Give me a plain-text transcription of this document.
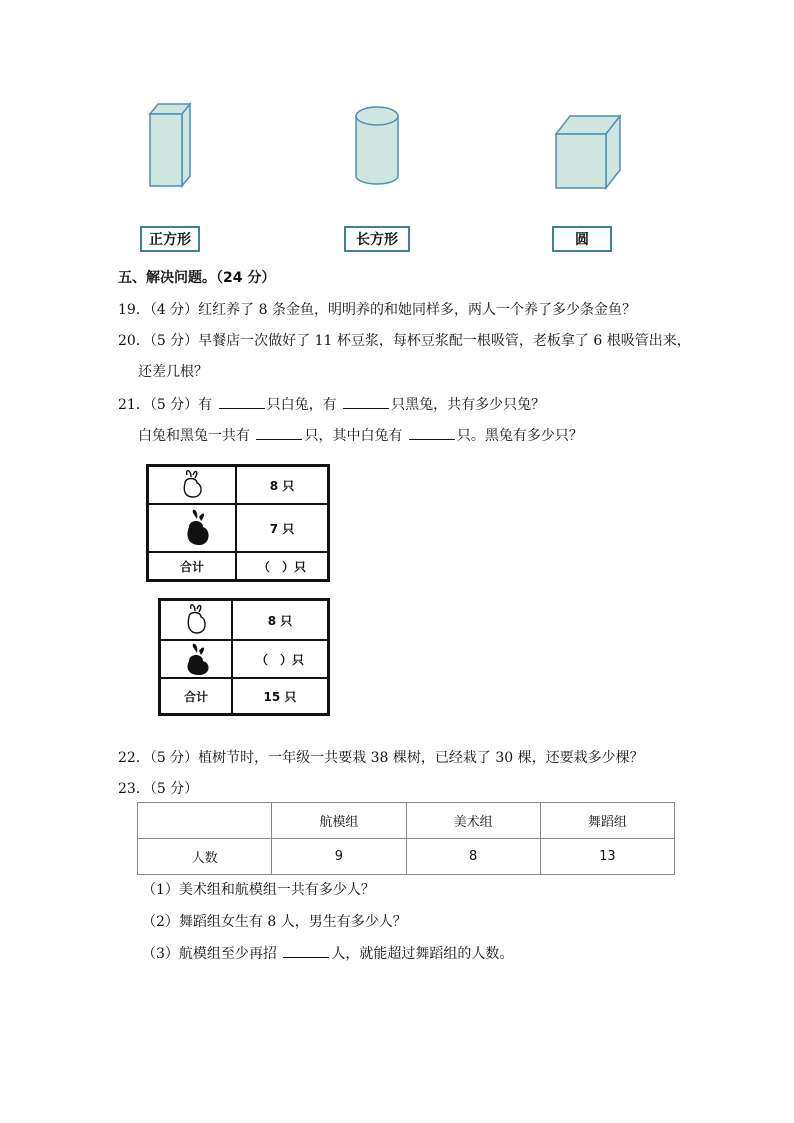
正方形	长方形	圆
五、解决问题。（24 分）
19．（4 分）红红养了 8 条金鱼，明明养的和她同样多，两人一个养了多少条金鱼？
20．（5 分）早餐店一次做好了 11 杯豆浆，每杯豆浆配一根吸管，老板拿了 6 根吸管出来，
还差几根？
21．（5 分）有	只白兔，有	只黑兔，共有多少只兔？
白兔和黑兔一共有	只，其中白兔有	只。黑兔有多少只？
8 只
7 只
合计	（　）只
8 只
（　）只
合计	15 只
22．（5 分）植树节时，一年级一共要栽 38 棵树，已经栽了 30 棵，还要栽多少棵？
23．（5 分）
	航模组	美术组	舞蹈组
人数	9	8	13
（1）美术组和航模组一共有多少人？
（2）舞蹈组女生有 8 人，男生有多少人？
（3）航模组至少再招	人，就能超过舞蹈组的人数。
